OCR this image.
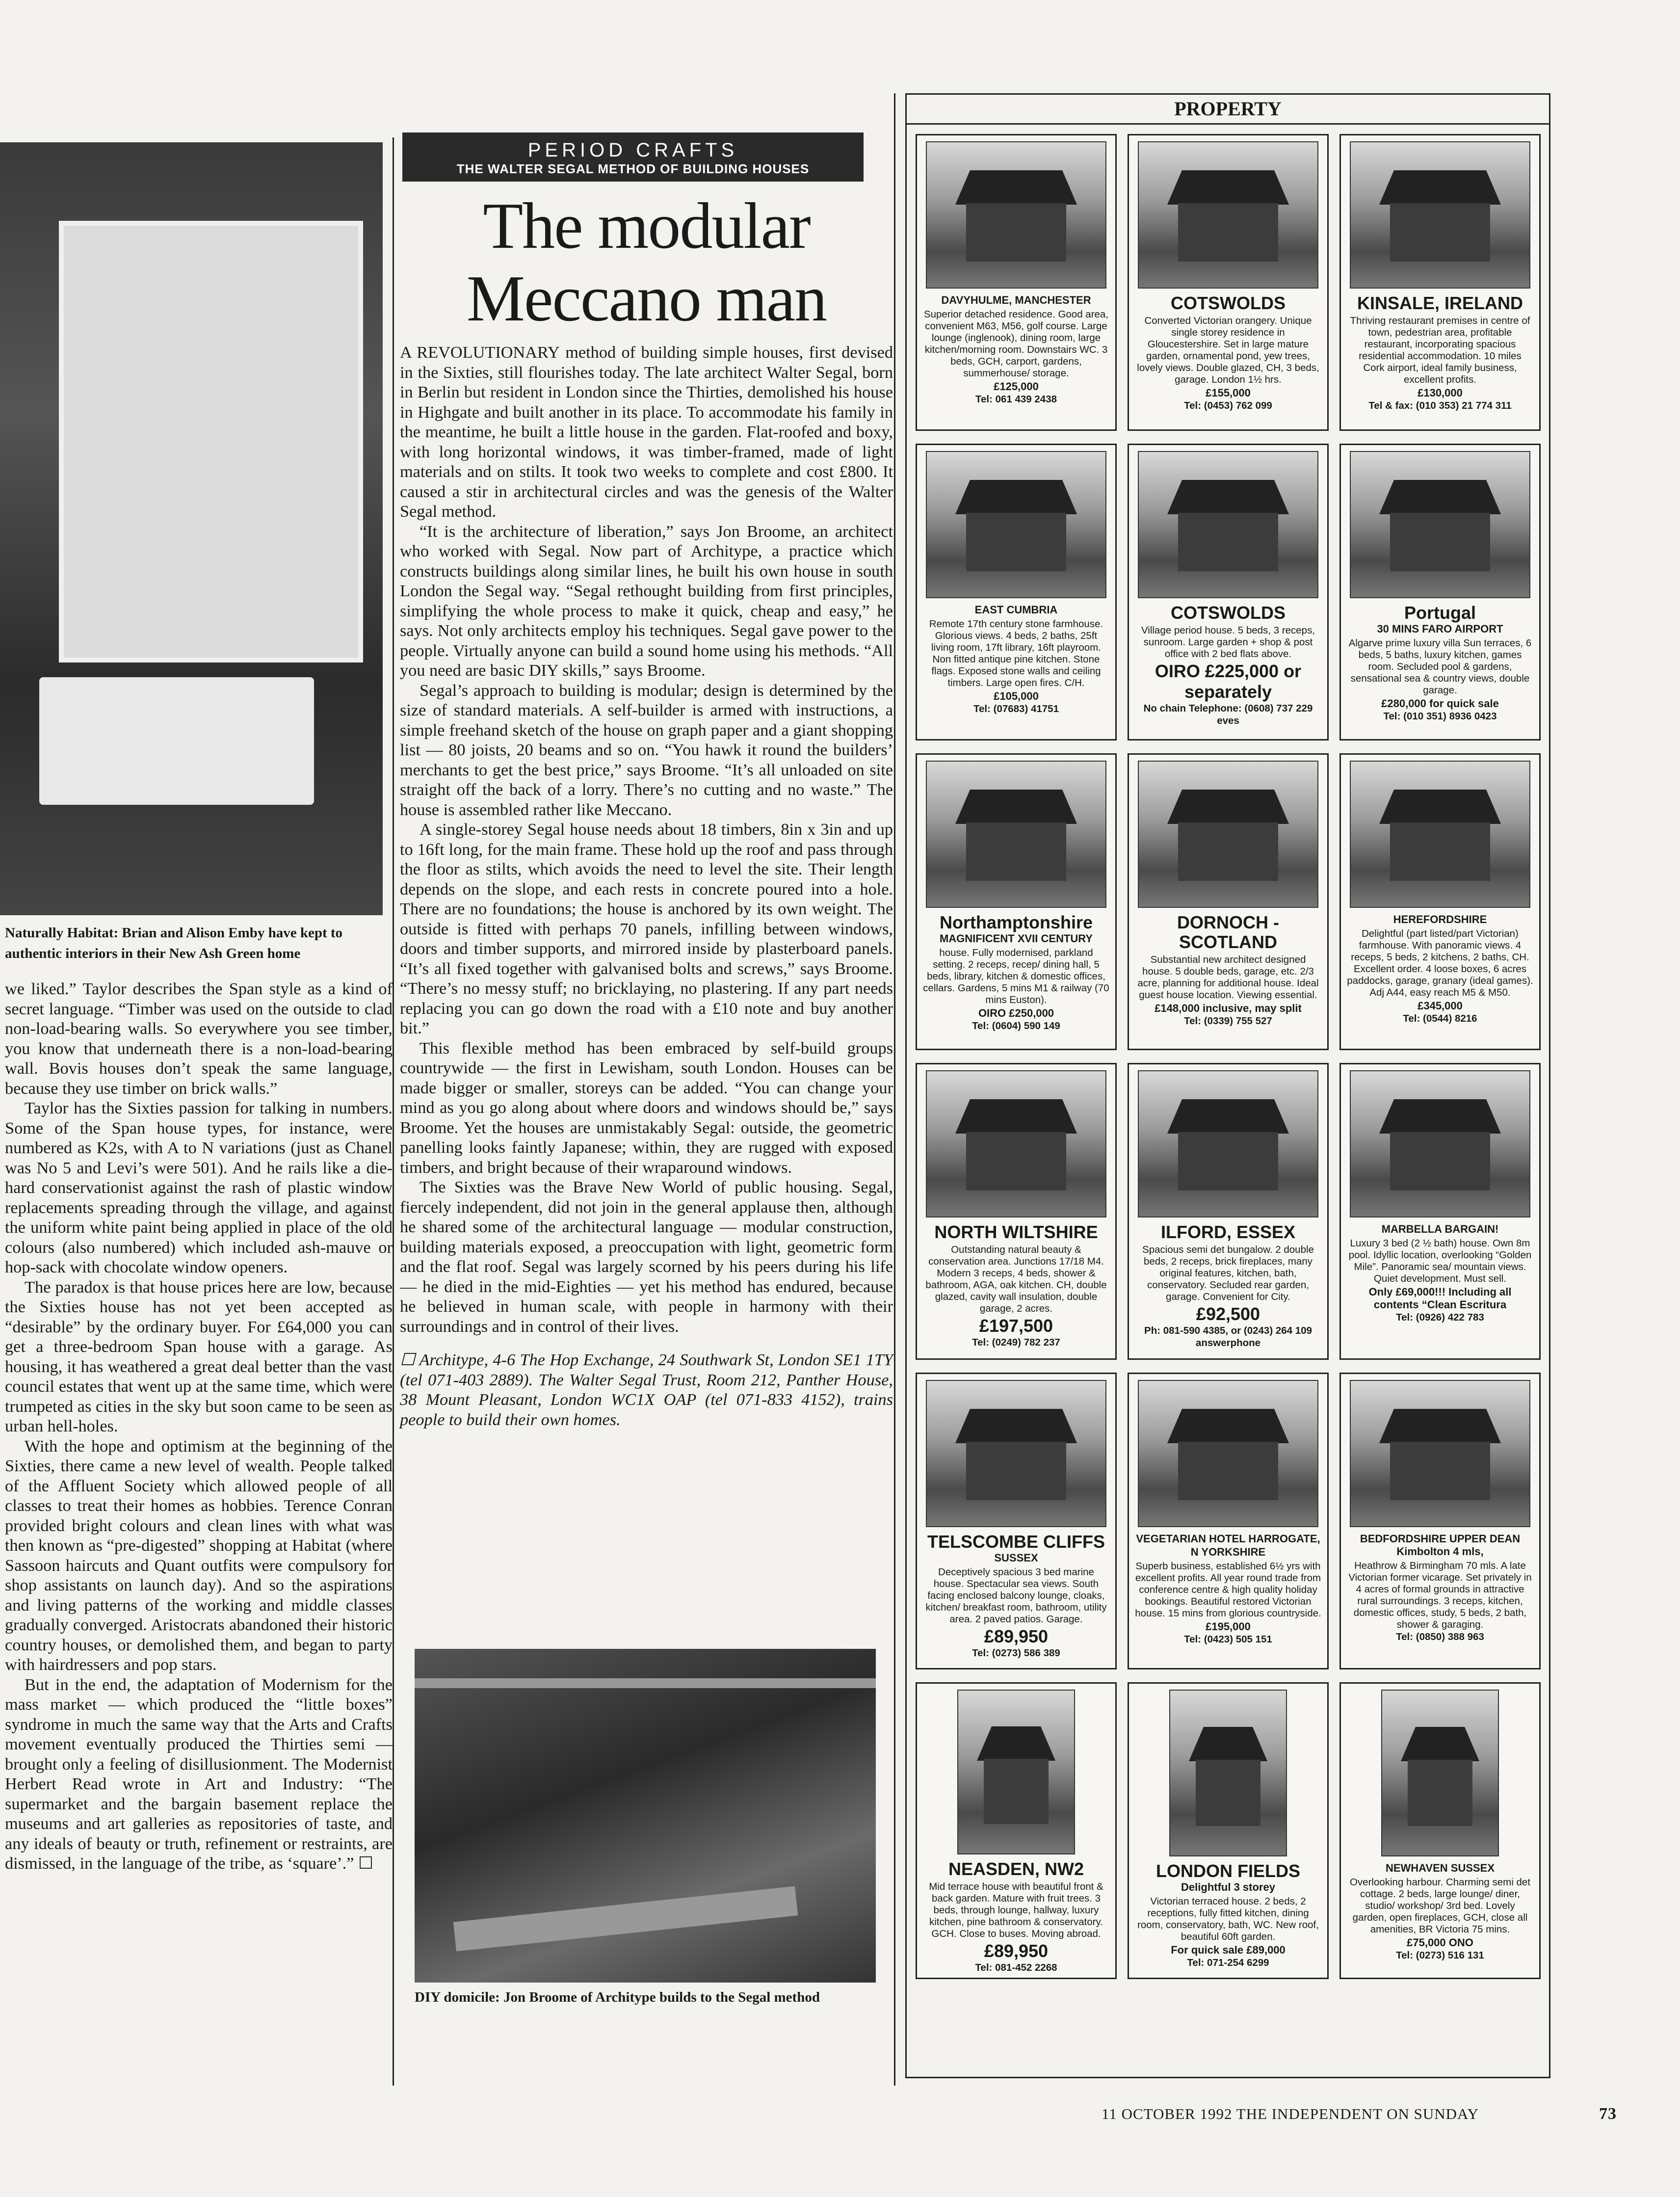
Naturally Habitat: Brian and Alison Emby have kept to authentic interiors in their New Ash Green home

we liked.” Taylor describes the Span style as a kind of secret language. “Timber was used on the outside to clad non-load-bearing walls. So everywhere you see timber, you know that underneath there is a non-load-bearing wall. Bovis houses don’t speak the same language, because they use timber on brick walls.”

Taylor has the Sixties passion for talking in numbers. Some of the Span house types, for instance, were numbered as K2s, with A to N variations (just as Chanel was No 5 and Levi’s were 501). And he rails like a die-hard conservationist against the rash of plastic window replacements spreading through the village, and against the uniform white paint being applied in place of the old colours (also numbered) which included ash-mauve or hop-sack with chocolate window openers.

The paradox is that house prices here are low, because the Sixties house has not yet been accepted as “desirable” by the ordinary buyer. For £64,000 you can get a three-bedroom Span house with a garage. As housing, it has weathered a great deal better than the vast council estates that went up at the same time, which were trumpeted as cities in the sky but soon came to be seen as urban hell-holes.

With the hope and optimism at the beginning of the Sixties, there came a new level of wealth. People talked of the Affluent Society which allowed people of all classes to treat their homes as hobbies. Terence Conran provided bright colours and clean lines with what was then known as “pre-digested” shopping at Habitat (where Sassoon haircuts and Quant outfits were compulsory for shop assistants on launch day). And so the aspirations and living patterns of the working and middle classes gradually converged. Aristocrats abandoned their historic country houses, or demolished them, and began to party with hairdressers and pop stars.

But in the end, the adaptation of Modernism for the mass market — which produced the “little boxes” syndrome in much the same way that the Arts and Crafts movement eventually produced the Thirties semi — brought only a feeling of disillusionment. The Modernist Herbert Read wrote in Art and Industry: “The supermarket and the bargain basement replace the museums and art galleries as repositories of taste, and any ideals of beauty or truth, refinement or restraints, are dismissed, in the language of the tribe, as ‘square’.” ☐

PERIOD CRAFTS
THE WALTER SEGAL METHOD OF BUILDING HOUSES
The modular
Meccano man

A REVOLUTIONARY method of building simple houses, first devised in the Sixties, still flourishes today. The late architect Walter Segal, born in Berlin but resident in London since the Thirties, demolished his house in Highgate and built another in its place. To accommodate his family in the meantime, he built a little house in the garden. Flat-roofed and boxy, with long horizontal windows, it was timber-framed, made of light materials and on stilts. It took two weeks to complete and cost £800. It caused a stir in architectural circles and was the genesis of the Walter Segal method.

“It is the architecture of liberation,” says Jon Broome, an architect who worked with Segal. Now part of Architype, a practice which constructs buildings along similar lines, he built his own house in south London the Segal way. “Segal rethought building from first principles, simplifying the whole process to make it quick, cheap and easy,” he says. Not only architects employ his techniques. Segal gave power to the people. Virtually anyone can build a sound home using his methods. “All you need are basic DIY skills,” says Broome.

Segal’s approach to building is modular; design is determined by the size of standard materials. A self-builder is armed with instructions, a simple freehand sketch of the house on graph paper and a giant shopping list — 80 joists, 20 beams and so on. “You hawk it round the builders’ merchants to get the best price,” says Broome. “It’s all unloaded on site straight off the back of a lorry. There’s no cutting and no waste.” The house is assembled rather like Meccano.

A single-storey Segal house needs about 18 timbers, 8in x 3in and up to 16ft long, for the main frame. These hold up the roof and pass through the floor as stilts, which avoids the need to level the site. Their length depends on the slope, and each rests in concrete poured into a hole. There are no foundations; the house is anchored by its own weight. The outside is fitted with perhaps 70 panels, infilling between windows, doors and timber supports, and mirrored inside by plasterboard panels. “It’s all fixed together with galvanised bolts and screws,” says Broome. “There’s no messy stuff; no bricklaying, no plastering. If any part needs replacing you can go down the road with a £10 note and buy another bit.”

This flexible method has been embraced by self-build groups countrywide — the first in Lewisham, south London. Houses can be made bigger or smaller, storeys can be added. “You can change your mind as you go along about where doors and windows should be,” says Broome. Yet the houses are unmistakably Segal: outside, the geometric panelling looks faintly Japanese; within, they are rugged with exposed timbers, and bright because of their wraparound windows.

The Sixties was the Brave New World of public housing. Segal, fiercely independent, did not join in the general applause then, although he shared some of the architectural language — modular construction, building materials exposed, a preoccupation with light, geometric form and the flat roof. Segal was largely scorned by his peers during his life — he died in the mid-Eighties — yet his method has endured, because he believed in human scale, with people in harmony with their surroundings and in control of their lives.

☐ Architype, 4-6 The Hop Exchange, 24 Southwark St, London SE1 1TY (tel 071-403 2889). The Walter Segal Trust, Room 212, Panther House, 38 Mount Pleasant, London WC1X OAP (tel 071-833 4152), trains people to build their own homes.
DIY domicile: Jon Broome of Architype builds to the Segal method
PROPERTY
DAVYHULME, MANCHESTER
Superior detached residence. Good area, convenient M63, M56, golf course. Large lounge (inglenook), dining room, large kitchen/morning room. Downstairs WC. 3 beds, GCH, carport, gardens, summerhouse/ storage.
£125,000
Tel: 061 439 2438
COTSWOLDS
Converted Victorian orangery. Unique single storey residence in Gloucestershire. Set in large mature garden, ornamental pond, yew trees, lovely views. Double glazed, CH, 3 beds, garage. London 1½ hrs.
£155,000
Tel: (0453) 762 099
KINSALE, IRELAND
Thriving restaurant premises in centre of town, pedestrian area, profitable restaurant, incorporating spacious residential accommodation. 10 miles Cork airport, ideal family business, excellent profits.
£130,000
Tel & fax: (010 353) 21 774 311
EAST CUMBRIA
Remote 17th century stone farmhouse. Glorious views. 4 beds, 2 baths, 25ft living room, 17ft library, 16ft playroom. Non fitted antique pine kitchen. Stone flags. Exposed stone walls and ceiling timbers. Large open fires. C/H.
£105,000
Tel: (07683) 41751
COTSWOLDS
Village period house. 5 beds, 3 receps, sunroom. Large garden + shop & post office with 2 bed flats above.
OIRO £225,000 or separately
No chain Telephone: (0608) 737 229 eves
Portugal
30 MINS FARO AIRPORT
Algarve prime luxury villa Sun terraces, 6 beds, 5 baths, luxury kitchen, games room. Secluded pool & gardens, sensational sea & country views, double garage.
£280,000 for quick sale
Tel: (010 351) 8936 0423
Northamptonshire
MAGNIFICENT XVII CENTURY
house. Fully modernised, parkland setting. 2 receps, recep/ dining hall, 5 beds, library, kitchen & domestic offices, cellars. Gardens, 5 mins M1 & railway (70 mins Euston).
OIRO £250,000
Tel: (0604) 590 149
DORNOCH - SCOTLAND
Substantial new architect designed house. 5 double beds, garage, etc. 2/3 acre, planning for additional house. Ideal guest house location. Viewing essential.
£148,000 inclusive, may split
Tel: (0339) 755 527
HEREFORDSHIRE
Delightful (part listed/part Victorian) farmhouse. With panoramic views. 4 receps, 5 beds, 2 kitchens, 2 baths, CH. Excellent order. 4 loose boxes, 6 acres paddocks, garage, granary (ideal games). Adj A44, easy reach M5 & M50.
£345,000
Tel: (0544) 8216
NORTH WILTSHIRE
Outstanding natural beauty & conservation area. Junctions 17/18 M4. Modern 3 receps, 4 beds, shower & bathroom, AGA, oak kitchen. CH, double glazed, cavity wall insulation, double garage, 2 acres.
£197,500
Tel: (0249) 782 237
ILFORD, ESSEX
Spacious semi det bungalow. 2 double beds, 2 receps, brick fireplaces, many original features, kitchen, bath, conservatory. Secluded rear garden, garage. Convenient for City.
£92,500
Ph: 081-590 4385, or (0243) 264 109 answerphone
MARBELLA BARGAIN!
Luxury 3 bed (2 ½ bath) house. Own 8m pool. Idyllic location, overlooking “Golden Mile”. Panoramic sea/ mountain views. Quiet development. Must sell.
Only £69,000!!! Including all contents “Clean Escritura
Tel: (0926) 422 783
TELSCOMBE CLIFFS
SUSSEX
Deceptively spacious 3 bed marine house. Spectacular sea views. South facing enclosed balcony lounge, cloaks, kitchen/ breakfast room, bathroom, utility area. 2 paved patios. Garage.
£89,950
Tel: (0273) 586 389
VEGETARIAN HOTEL HARROGATE, N YORKSHIRE
Superb business, established 6½ yrs with excellent profits. All year round trade from conference centre & high quality holiday bookings. Beautiful restored Victorian house. 15 mins from glorious countryside.
£195,000
Tel: (0423) 505 151
BEDFORDSHIRE UPPER DEAN
Kimbolton 4 mls,
Heathrow & Birmingham 70 mls. A late Victorian former vicarage. Set privately in 4 acres of formal grounds in attractive rural surroundings. 3 receps, kitchen, domestic offices, study, 5 beds, 2 bath, shower & garaging.
Tel: (0850) 388 963
NEASDEN, NW2
Mid terrace house with beautiful front & back garden. Mature with fruit trees. 3 beds, through lounge, hallway, luxury kitchen, pine bathroom & conservatory. GCH. Close to buses. Moving abroad.
£89,950
Tel: 081-452 2268
LONDON FIELDS
Delightful 3 storey
Victorian terraced house. 2 beds, 2 receptions, fully fitted kitchen, dining room, conservatory, bath, WC. New roof, beautiful 60ft garden.
For quick sale £89,000
Tel: 071-254 6299
NEWHAVEN SUSSEX
Overlooking harbour. Charming semi det cottage. 2 beds, large lounge/ diner, studio/ workshop/ 3rd bed. Lovely garden, open fireplaces, GCH, close all amenities, BR Victoria 75 mins.
£75,000 ONO
Tel: (0273) 516 131
11 OCTOBER 1992 THE INDEPENDENT ON SUNDAY	73
